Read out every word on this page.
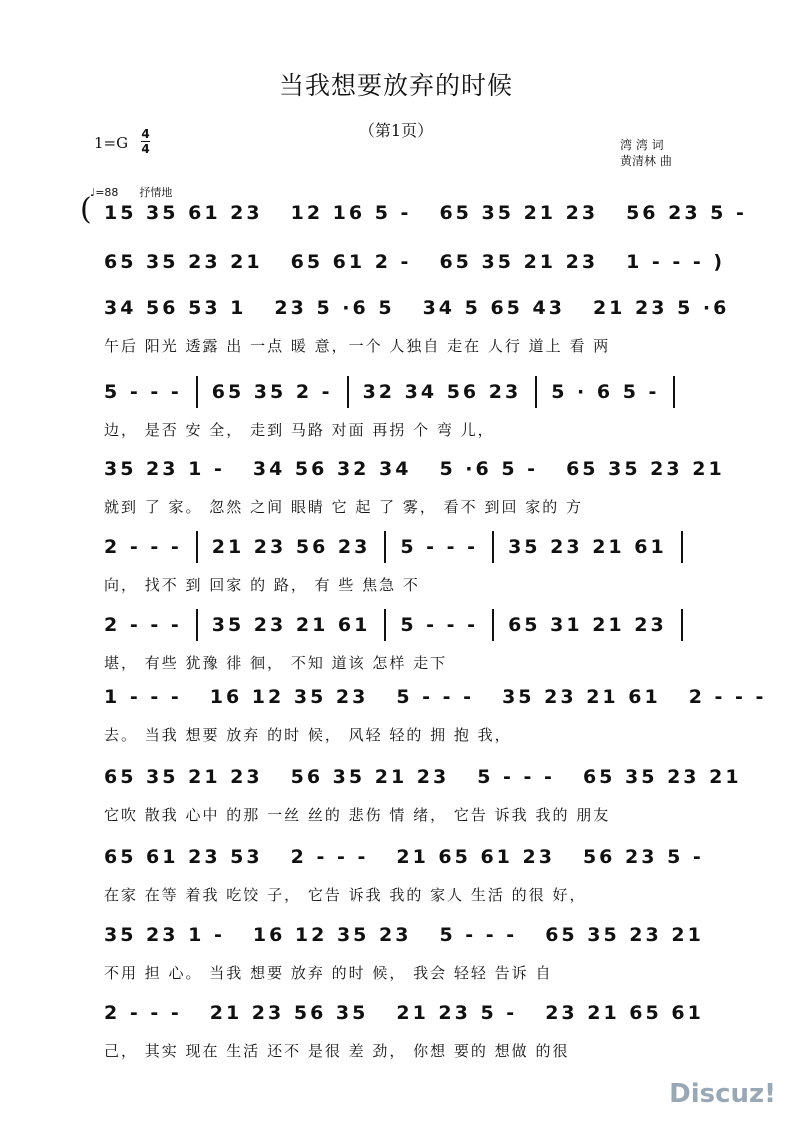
当我想要放弃的时候
（第1页）
1=G 4
4	湾 湾 词
黄清林 曲
♩=88 抒情地
( 15 35 61 23 12 16 5 - 65 35 21 23 56 23 5 -
65 35 23 21 65 61 2 - 65 35 21 23 1 - - - )
34 56 53 1 23 5 ·6 5 34 5 65 43 21 23 5 ·6
午后 阳光 透露 出 一点 暖 意，一个 人独自 走在 人行 道上 看 两
5 - - - 65 35 2 - 32 34 56 23 5 · 6 5 -
边， 是否 安 全， 走到 马路 对面 再拐 个 弯 儿，
35 23 1 - 34 56 32 34 5 ·6 5 - 65 35 23 21
就到 了 家。 忽然 之间 眼睛 它 起 了 雾， 看不 到回 家的 方
2 - - - 21 23 56 23 5 - - - 35 23 21 61
向， 找不 到 回家 的 路， 有 些 焦急 不
2 - - - 35 23 21 61 5 - - - 65 31 21 23
堪， 有些 犹豫 徘 徊， 不知 道该 怎样 走下
1 - - - 16 12 35 23 5 - - - 35 23 21 61 2 - - -
去。 当我 想要 放弃 的时 候， 风轻 轻的 拥 抱 我，
65 35 21 23 56 35 21 23 5 - - - 65 35 23 21
它吹 散我 心中 的那 一丝 丝的 悲伤 情 绪， 它告 诉我 我的 朋友
65 61 23 53 2 - - - 21 65 61 23 56 23 5 -
在家 在等 着我 吃饺 子， 它告 诉我 我的 家人 生活 的很 好，
35 23 1 - 16 12 35 23 5 - - - 65 35 23 21
不用 担 心。 当我 想要 放弃 的时 候， 我会 轻轻 告诉 自
2 - - - 21 23 56 35 21 23 5 - 23 21 65 61
己， 其实 现在 生活 还不 是很 差 劲， 你想 要的 想做 的很
Discuz!
